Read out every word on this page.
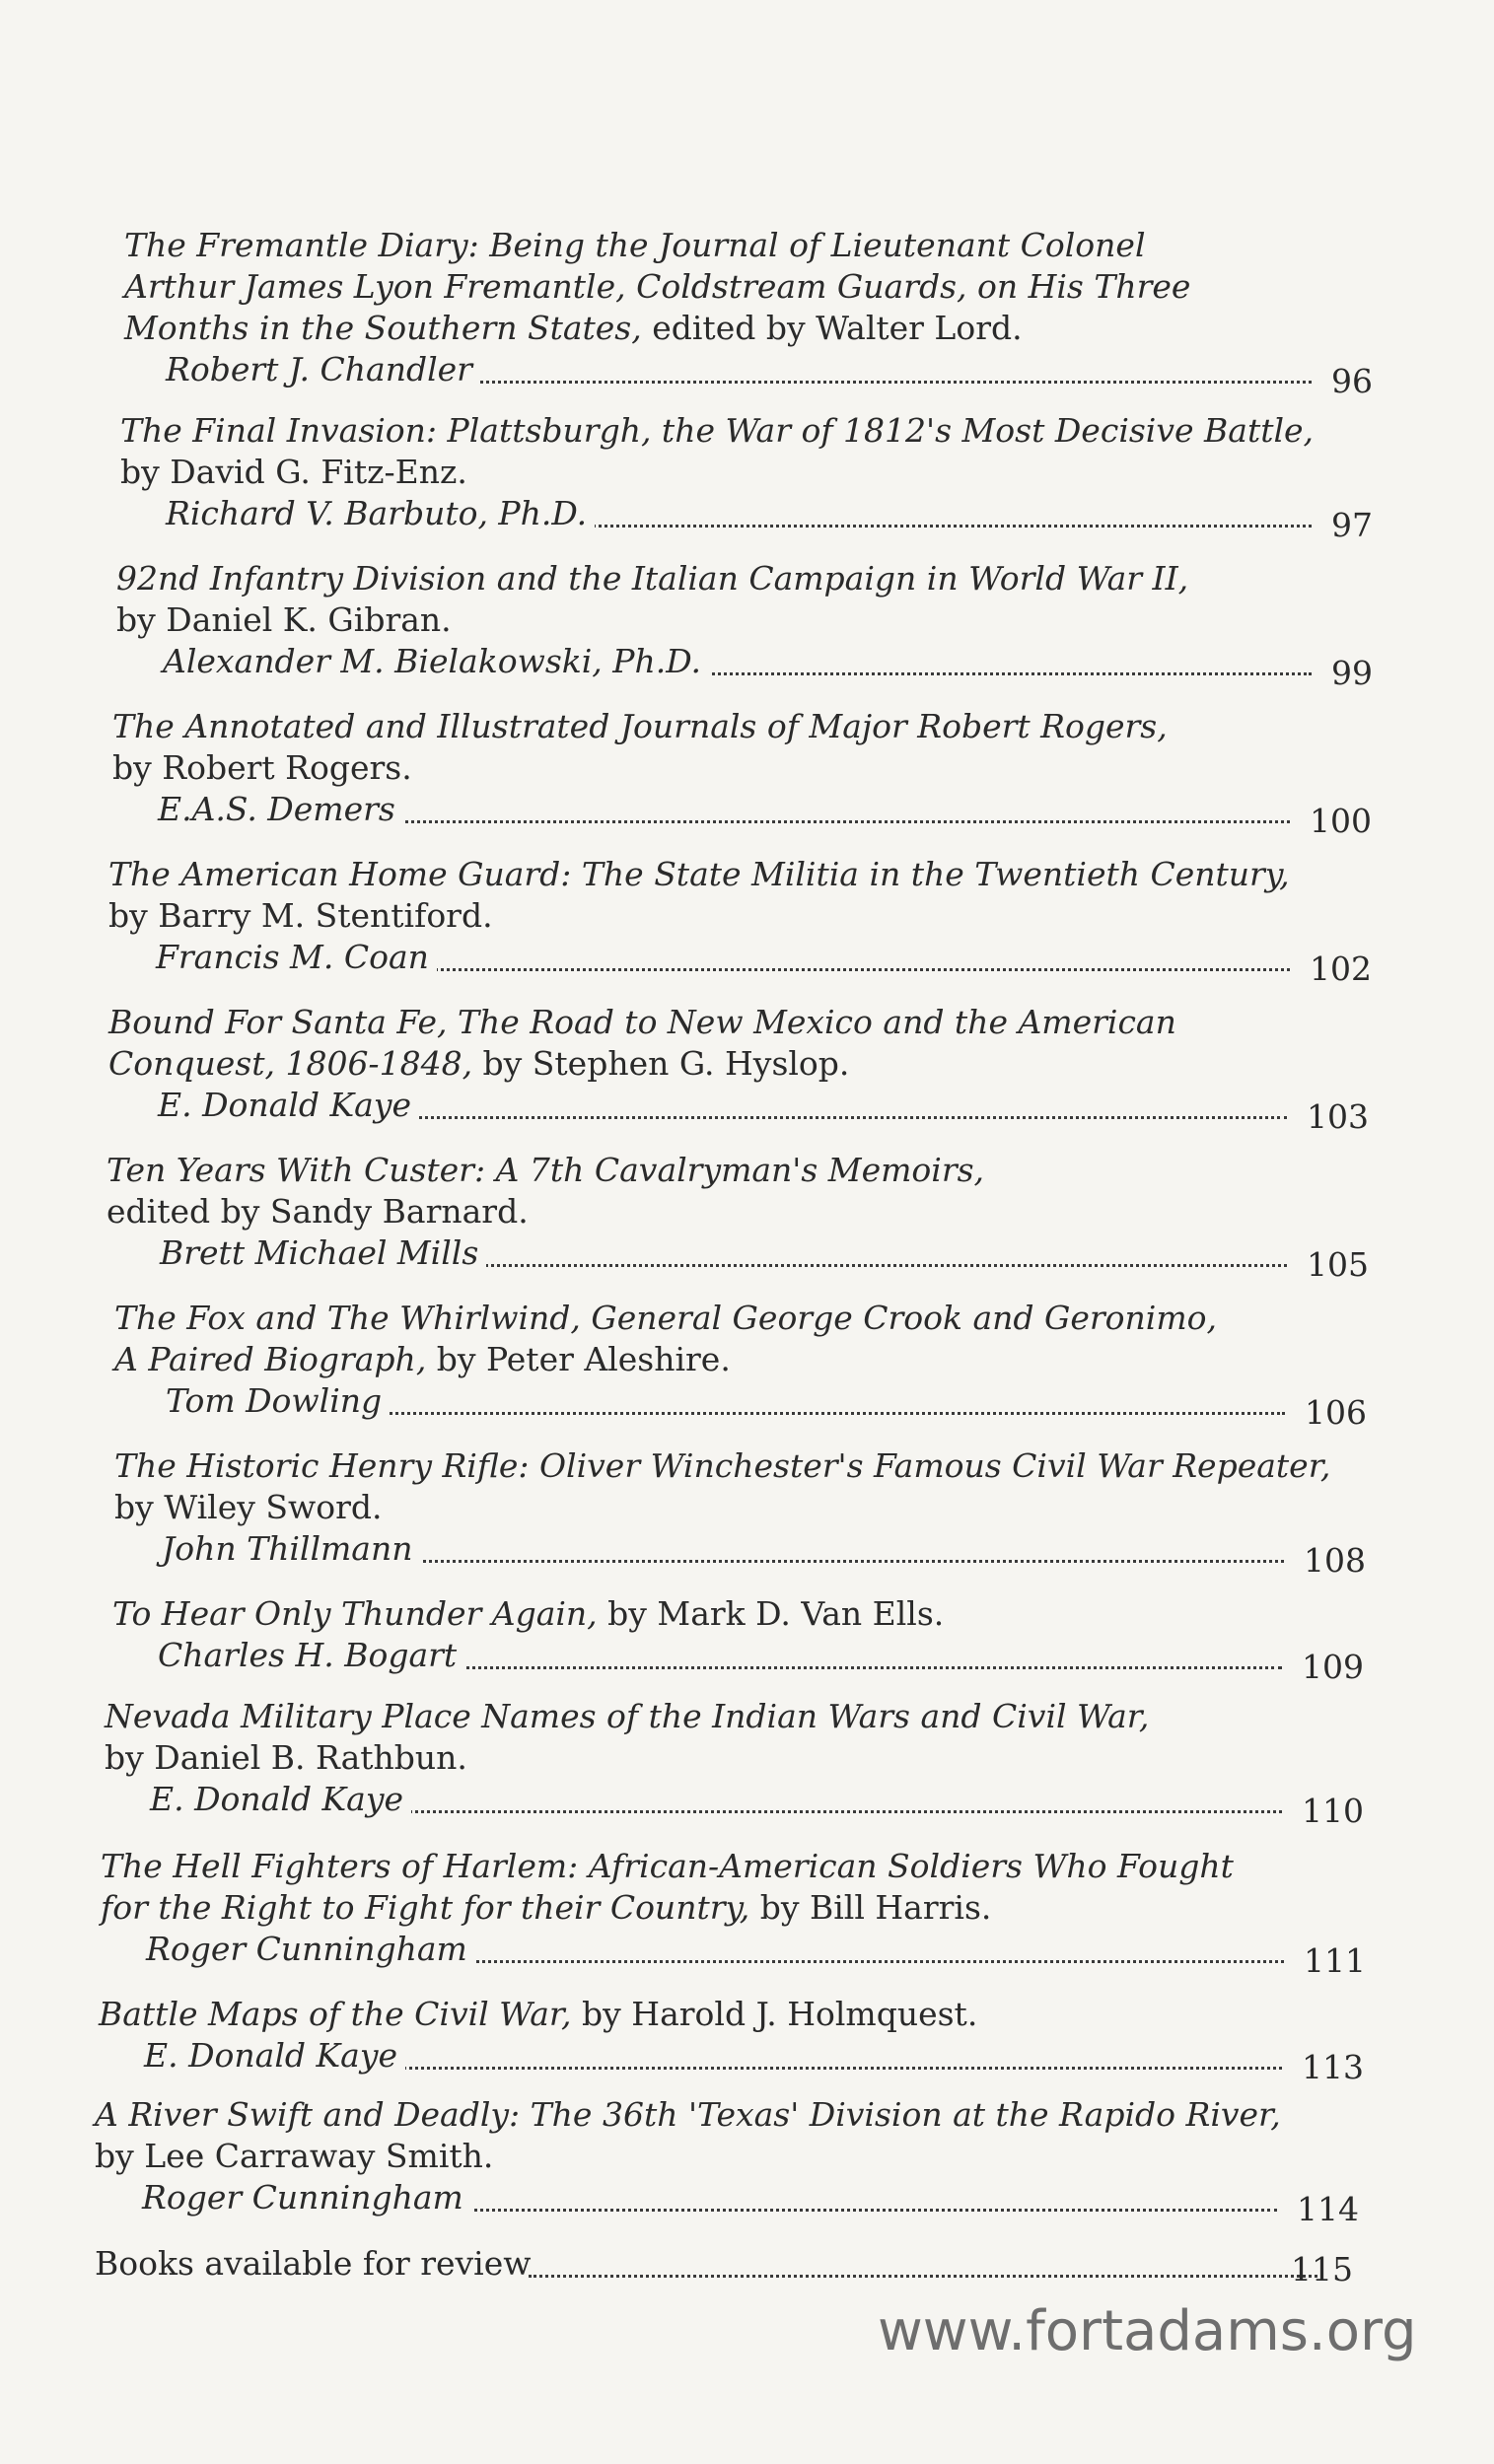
The Fremantle Diary: Being the Journal of Lieutenant Colonel
Arthur James Lyon Fremantle, Coldstream Guards, on His Three
Months in the Southern States, edited by Walter Lord.
Robert J. Chandler	96
The Final Invasion: Plattsburgh, the War of 1812's Most Decisive Battle,
by David G. Fitz-Enz.
Richard V. Barbuto, Ph.D.	97
92nd Infantry Division and the Italian Campaign in World War II,
by Daniel K. Gibran.
Alexander M. Bielakowski, Ph.D.	99
The Annotated and Illustrated Journals of Major Robert Rogers,
by Robert Rogers.
E.A.S. Demers	100
The American Home Guard: The State Militia in the Twentieth Century,
by Barry M. Stentiford.
Francis M. Coan	102
Bound For Santa Fe, The Road to New Mexico and the American
Conquest, 1806-1848, by Stephen G. Hyslop.
E. Donald Kaye	103
Ten Years With Custer: A 7th Cavalryman's Memoirs,
edited by Sandy Barnard.
Brett Michael Mills	105
The Fox and The Whirlwind, General George Crook and Geronimo,
A Paired Biograph, by Peter Aleshire.
Tom Dowling	106
The Historic Henry Rifle: Oliver Winchester's Famous Civil War Repeater,
by Wiley Sword.
John Thillmann	108
To Hear Only Thunder Again, by Mark D. Van Ells.
Charles H. Bogart	109
Nevada Military Place Names of the Indian Wars and Civil War,
by Daniel B. Rathbun.
E. Donald Kaye	110
The Hell Fighters of Harlem: African-American Soldiers Who Fought
for the Right to Fight for their Country, by Bill Harris.
Roger Cunningham	111
Battle Maps of the Civil War, by Harold J. Holmquest.
E. Donald Kaye	113
A River Swift and Deadly: The 36th 'Texas' Division at the Rapido River,
by Lee Carraway Smith.
Roger Cunningham	114
Books available for review	115
www.fortadams.org
